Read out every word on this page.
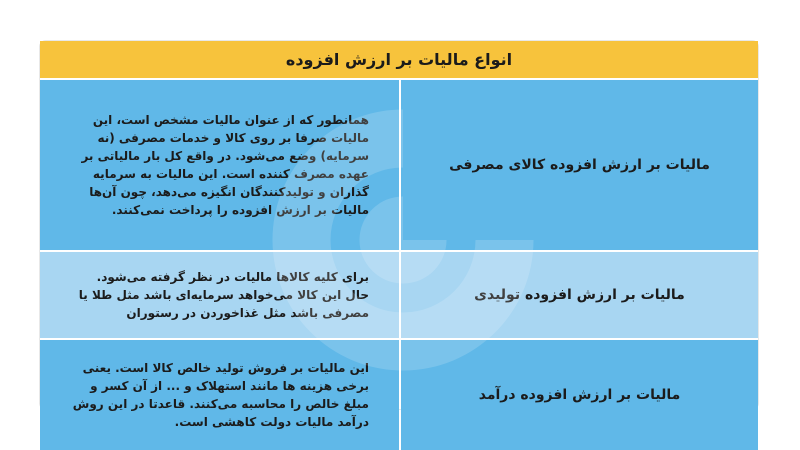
انواع مالیات بر ارزش افزوده
مالیات بر ارزش افزوده کالای مصرفی
همانطور که از عنوان مالیات مشخص است، این مالیات صرفا بر روی کالا و خدمات مصرفی (نه سرمایه) وضع می‌شود. در واقع کل بار مالیاتی بر عهده مصرف کننده است. این مالیات به سرمایه گذاران و تولیدکنندگان انگیزه می‌دهد، چون آن‌ها مالیات بر ارزش افزوده را پرداخت نمی‌کنند.
مالیات بر ارزش افزوده تولیدی
برای کلیه کالاها مالیات در نظر گرفته می‌شود. حال این کالا می‌خواهد سرمایه‌ای باشد مثل طلا یا مصرفی باشد مثل غذاخوردن در رستوران
مالیات بر ارزش افزوده درآمد
این مالیات بر فروش تولید خالص کالا است. یعنی برخی هزینه ها مانند استهلاک و ... از آن کسر و مبلغ خالص را محاسبه می‌کنند. قاعدتا در این روش درآمد مالیات دولت کاهشی است.
